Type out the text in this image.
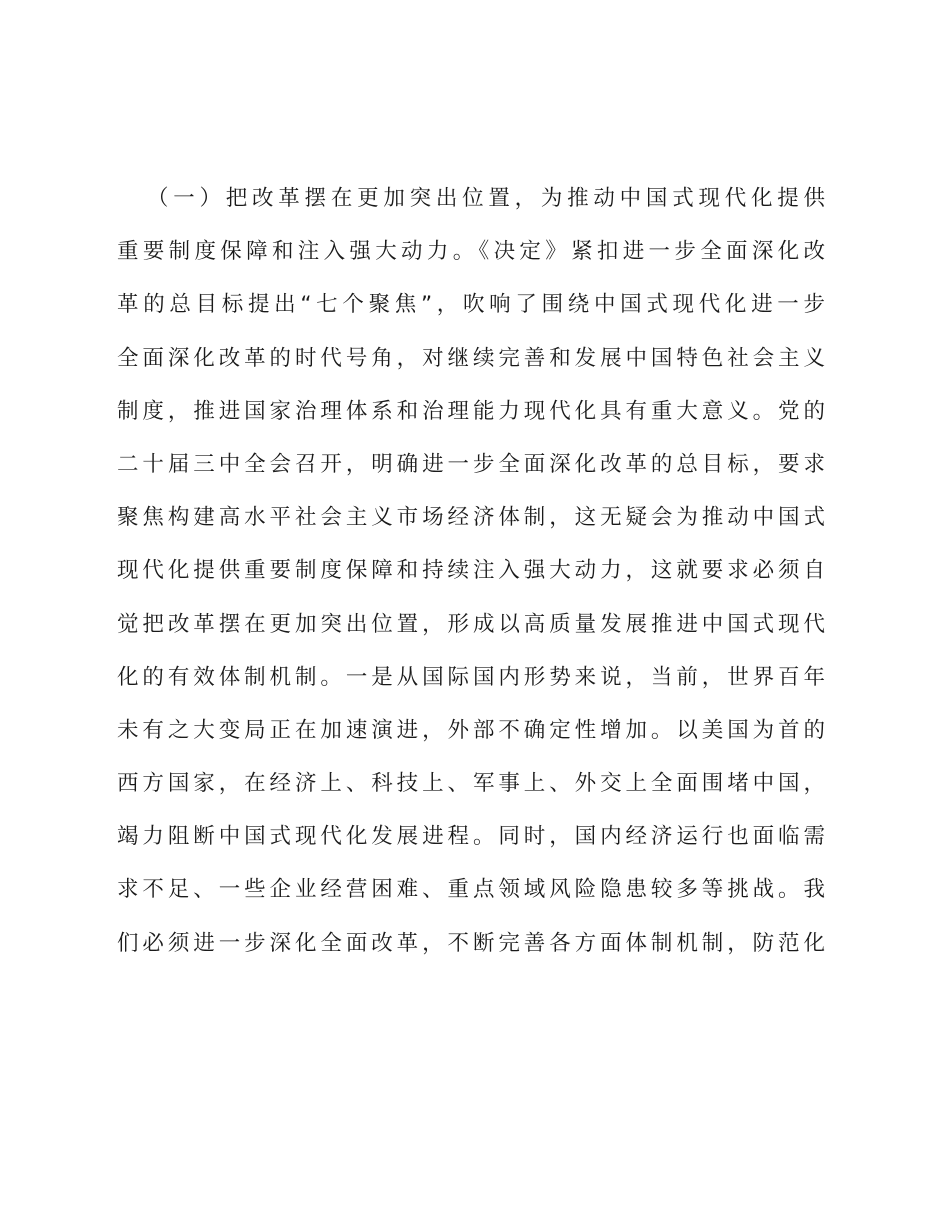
（一）把改革摆在更加突出位置，为推动中国式现代化提供
重要制度保障和注入强大动力。《决定》紧扣进一步全面深化改
革的总目标提出“七个聚焦”，吹响了围绕中国式现代化进一步
全面深化改革的时代号角，对继续完善和发展中国特色社会主义
制度，推进国家治理体系和治理能力现代化具有重大意义。党的
二十届三中全会召开，明确进一步全面深化改革的总目标，要求
聚焦构建高水平社会主义市场经济体制，这无疑会为推动中国式
现代化提供重要制度保障和持续注入强大动力，这就要求必须自
觉把改革摆在更加突出位置，形成以高质量发展推进中国式现代
化的有效体制机制。一是从国际国内形势来说，当前，世界百年
未有之大变局正在加速演进，外部不确定性增加。以美国为首的
西方国家，在经济上、科技上、军事上、外交上全面围堵中国，
竭力阻断中国式现代化发展进程。同时，国内经济运行也面临需
求不足、一些企业经营困难、重点领域风险隐患较多等挑战。我
们必须进一步深化全面改革，不断完善各方面体制机制，防范化
